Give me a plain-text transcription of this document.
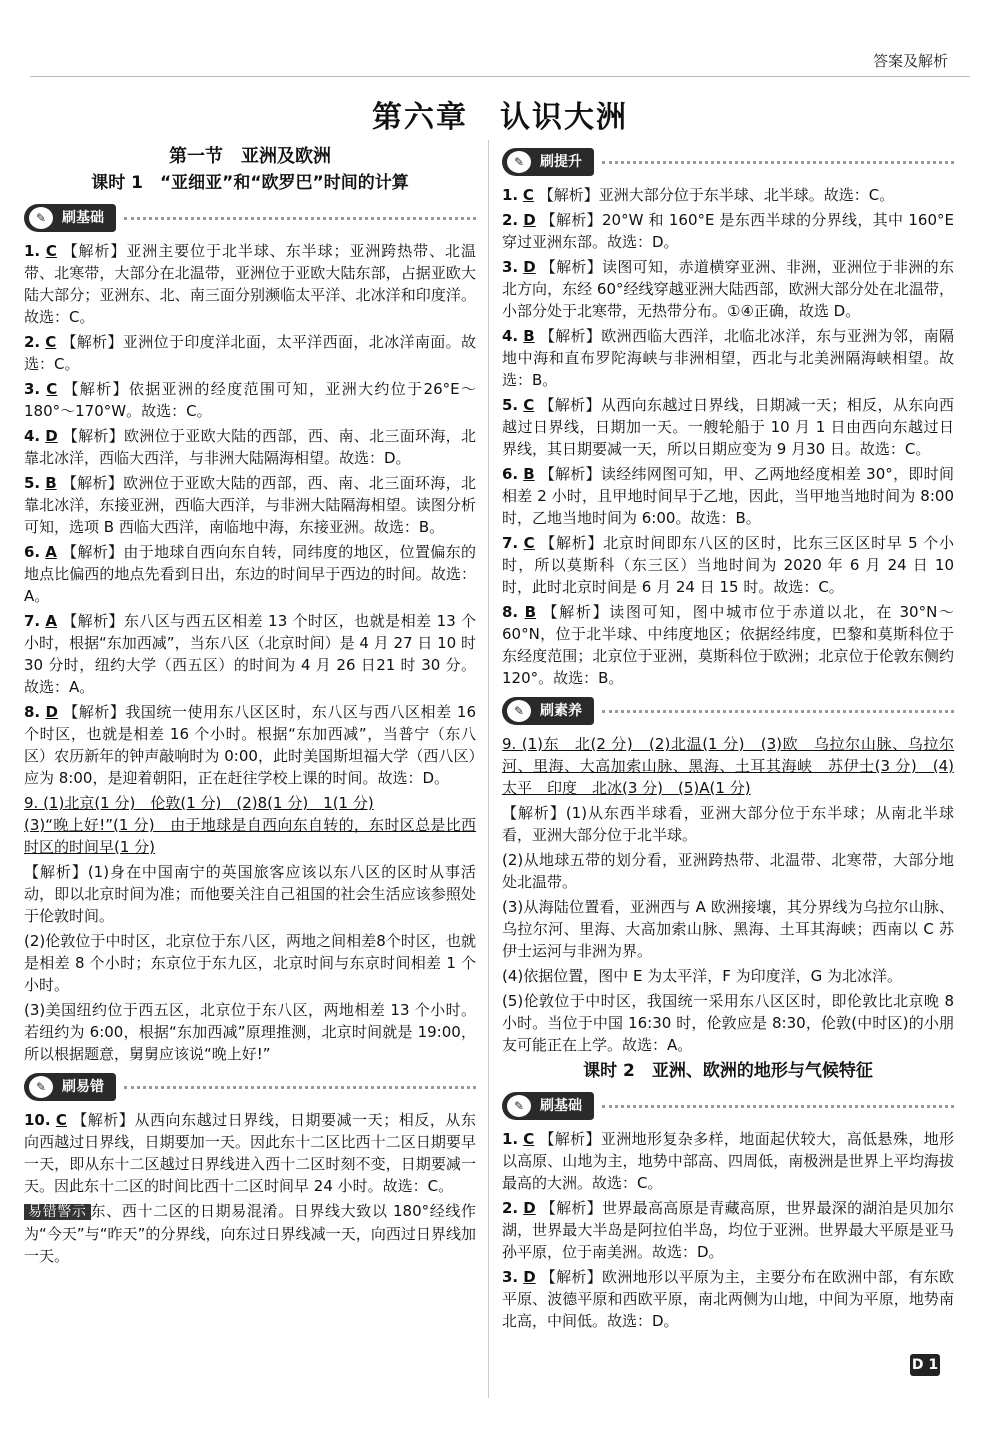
答案及解析
第六章　认识大洲
第一节　亚洲及欧洲
课时 1　“亚细亚”和“欧罗巴”时间的计算
✎	刷基础
1. C 【解析】亚洲主要位于北半球、东半球；亚洲跨热带、北温带、北寒带，大部分在北温带，亚洲位于亚欧大陆东部，占据亚欧大陆大部分；亚洲东、北、南三面分别濒临太平洋、北冰洋和印度洋。故选：C。
2. C 【解析】亚洲位于印度洋北面，太平洋西面，北冰洋南面。故选：C。
3. C 【解析】依据亚洲的经度范围可知，亚洲大约位于26°E～180°～170°W。故选：C。
4. D 【解析】欧洲位于亚欧大陆的西部，西、南、北三面环海，北靠北冰洋，西临大西洋，与非洲大陆隔海相望。故选：D。
5. B 【解析】欧洲位于亚欧大陆的西部，西、南、北三面环海，北靠北冰洋，东接亚洲，西临大西洋，与非洲大陆隔海相望。读图分析可知，选项 B 西临大西洋，南临地中海，东接亚洲。故选：B。
6. A 【解析】由于地球自西向东自转，同纬度的地区，位置偏东的地点比偏西的地点先看到日出，东边的时间早于西边的时间。故选：A。
7. A 【解析】东八区与西五区相差 13 个时区，也就是相差 13 个小时，根据“东加西减”，当东八区（北京时间）是 4 月 27 日 10 时 30 分时，纽约大学（西五区）的时间为 4 月 26 日21 时 30 分。故选：A。
8. D 【解析】我国统一使用东八区区时，东八区与西八区相差 16 个时区，也就是相差 16 个小时。根据“东加西减”，当普宁（东八区）农历新年的钟声敲响时为 0:00，此时美国斯坦福大学（西八区）应为 8:00，是迎着朝阳，正在赶往学校上课的时间。故选：D。
9. (1)北京(1 分)　伦敦(1 分)　(2)8(1 分)　1(1 分)
(3)“晚上好!”(1 分)　由于地球是自西向东自转的，东时区总是比西时区的时间早(1 分)
【解析】(1)身在中国南宁的英国旅客应该以东八区的区时从事活动，即以北京时间为准；而他要关注自己祖国的社会生活应该参照处于伦敦时间。
(2)伦敦位于中时区，北京位于东八区，两地之间相差8个时区，也就是相差 8 个小时；东京位于东九区，北京时间与东京时间相差 1 个小时。
(3)美国纽约位于西五区，北京位于东八区，两地相差 13 个小时。若纽约为 6:00，根据“东加西减”原理推测，北京时间就是 19:00，所以根据题意，舅舅应该说“晚上好!”
✎	刷易错
10. C 【解析】从西向东越过日界线，日期要减一天；相反，从东向西越过日界线，日期要加一天。因此东十二区比西十二区日期要早一天，即从东十二区越过日界线进入西十二区时刻不变，日期要减一天。因此东十二区的时间比西十二区时间早 24 小时。故选：C。
易错警示 东、西十二区的日期易混淆。日界线大致以 180°经线作为“今天”与“昨天”的分界线，向东过日界线减一天，向西过日界线加一天。
✎	刷提升
1. C 【解析】亚洲大部分位于东半球、北半球。故选：C。
2. D 【解析】20°W 和 160°E 是东西半球的分界线，其中 160°E 穿过亚洲东部。故选：D。
3. D 【解析】读图可知，赤道横穿亚洲、非洲，亚洲位于非洲的东北方向，东经 60°经线穿越亚洲大陆西部，欧洲大部分处在北温带，小部分处于北寒带，无热带分布。①④正确，故选 D。
4. B 【解析】欧洲西临大西洋，北临北冰洋，东与亚洲为邻，南隔地中海和直布罗陀海峡与非洲相望，西北与北美洲隔海峡相望。故选：B。
5. C 【解析】从西向东越过日界线，日期减一天；相反，从东向西越过日界线，日期加一天。一艘轮船于 10 月 1 日由西向东越过日界线，其日期要减一天，所以日期应变为 9 月30 日。故选：C。
6. B 【解析】读经纬网图可知，甲、乙两地经度相差 30°，即时间相差 2 小时，且甲地时间早于乙地，因此，当甲地当地时间为 8:00 时，乙地当地时间为 6:00。故选：B。
7. C 【解析】北京时间即东八区的区时，比东三区区时早 5 个小时，所以莫斯科（东三区）当地时间为 2020 年 6 月 24 日 10 时，此时北京时间是 6 月 24 日 15 时。故选：C。
8. B 【解析】读图可知，图中城市位于赤道以北，在 30°N～60°N，位于北半球、中纬度地区；依据经纬度，巴黎和莫斯科位于东经度范围；北京位于亚洲，莫斯科位于欧洲；北京位于伦敦东侧约 120°。故选：B。
✎	刷素养
9. (1)东　北(2 分)　(2)北温(1 分)　(3)欧　乌拉尔山脉、乌拉尔河、里海、大高加索山脉、黑海、土耳其海峡　苏伊士(3 分)　(4)太平　印度　北冰(3 分)　(5)A(1 分)
【解析】(1)从东西半球看，亚洲大部分位于东半球；从南北半球看，亚洲大部分位于北半球。
(2)从地球五带的划分看，亚洲跨热带、北温带、北寒带，大部分地处北温带。
(3)从海陆位置看，亚洲西与 A 欧洲接壤，其分界线为乌拉尔山脉、乌拉尔河、里海、大高加索山脉、黑海、土耳其海峡；西南以 C 苏伊士运河与非洲为界。
(4)依据位置，图中 E 为太平洋，F 为印度洋，G 为北冰洋。
(5)伦敦位于中时区，我国统一采用东八区区时，即伦敦比北京晚 8 小时。当位于中国 16:30 时，伦敦应是 8:30，伦敦(中时区)的小朋友可能正在上学。故选：A。
课时 2　亚洲、欧洲的地形与气候特征
✎	刷基础
1. C 【解析】亚洲地形复杂多样，地面起伏较大，高低悬殊，地形以高原、山地为主，地势中部高、四周低，南极洲是世界上平均海拔最高的大洲。故选：C。
2. D 【解析】世界最高高原是青藏高原，世界最深的湖泊是贝加尔湖，世界最大半岛是阿拉伯半岛，均位于亚洲。世界最大平原是亚马孙平原，位于南美洲。故选：D。
3. D 【解析】欧洲地形以平原为主，主要分布在欧洲中部，有东欧平原、波德平原和西欧平原，南北两侧为山地，中间为平原，地势南北高，中间低。故选：D。
D 1
